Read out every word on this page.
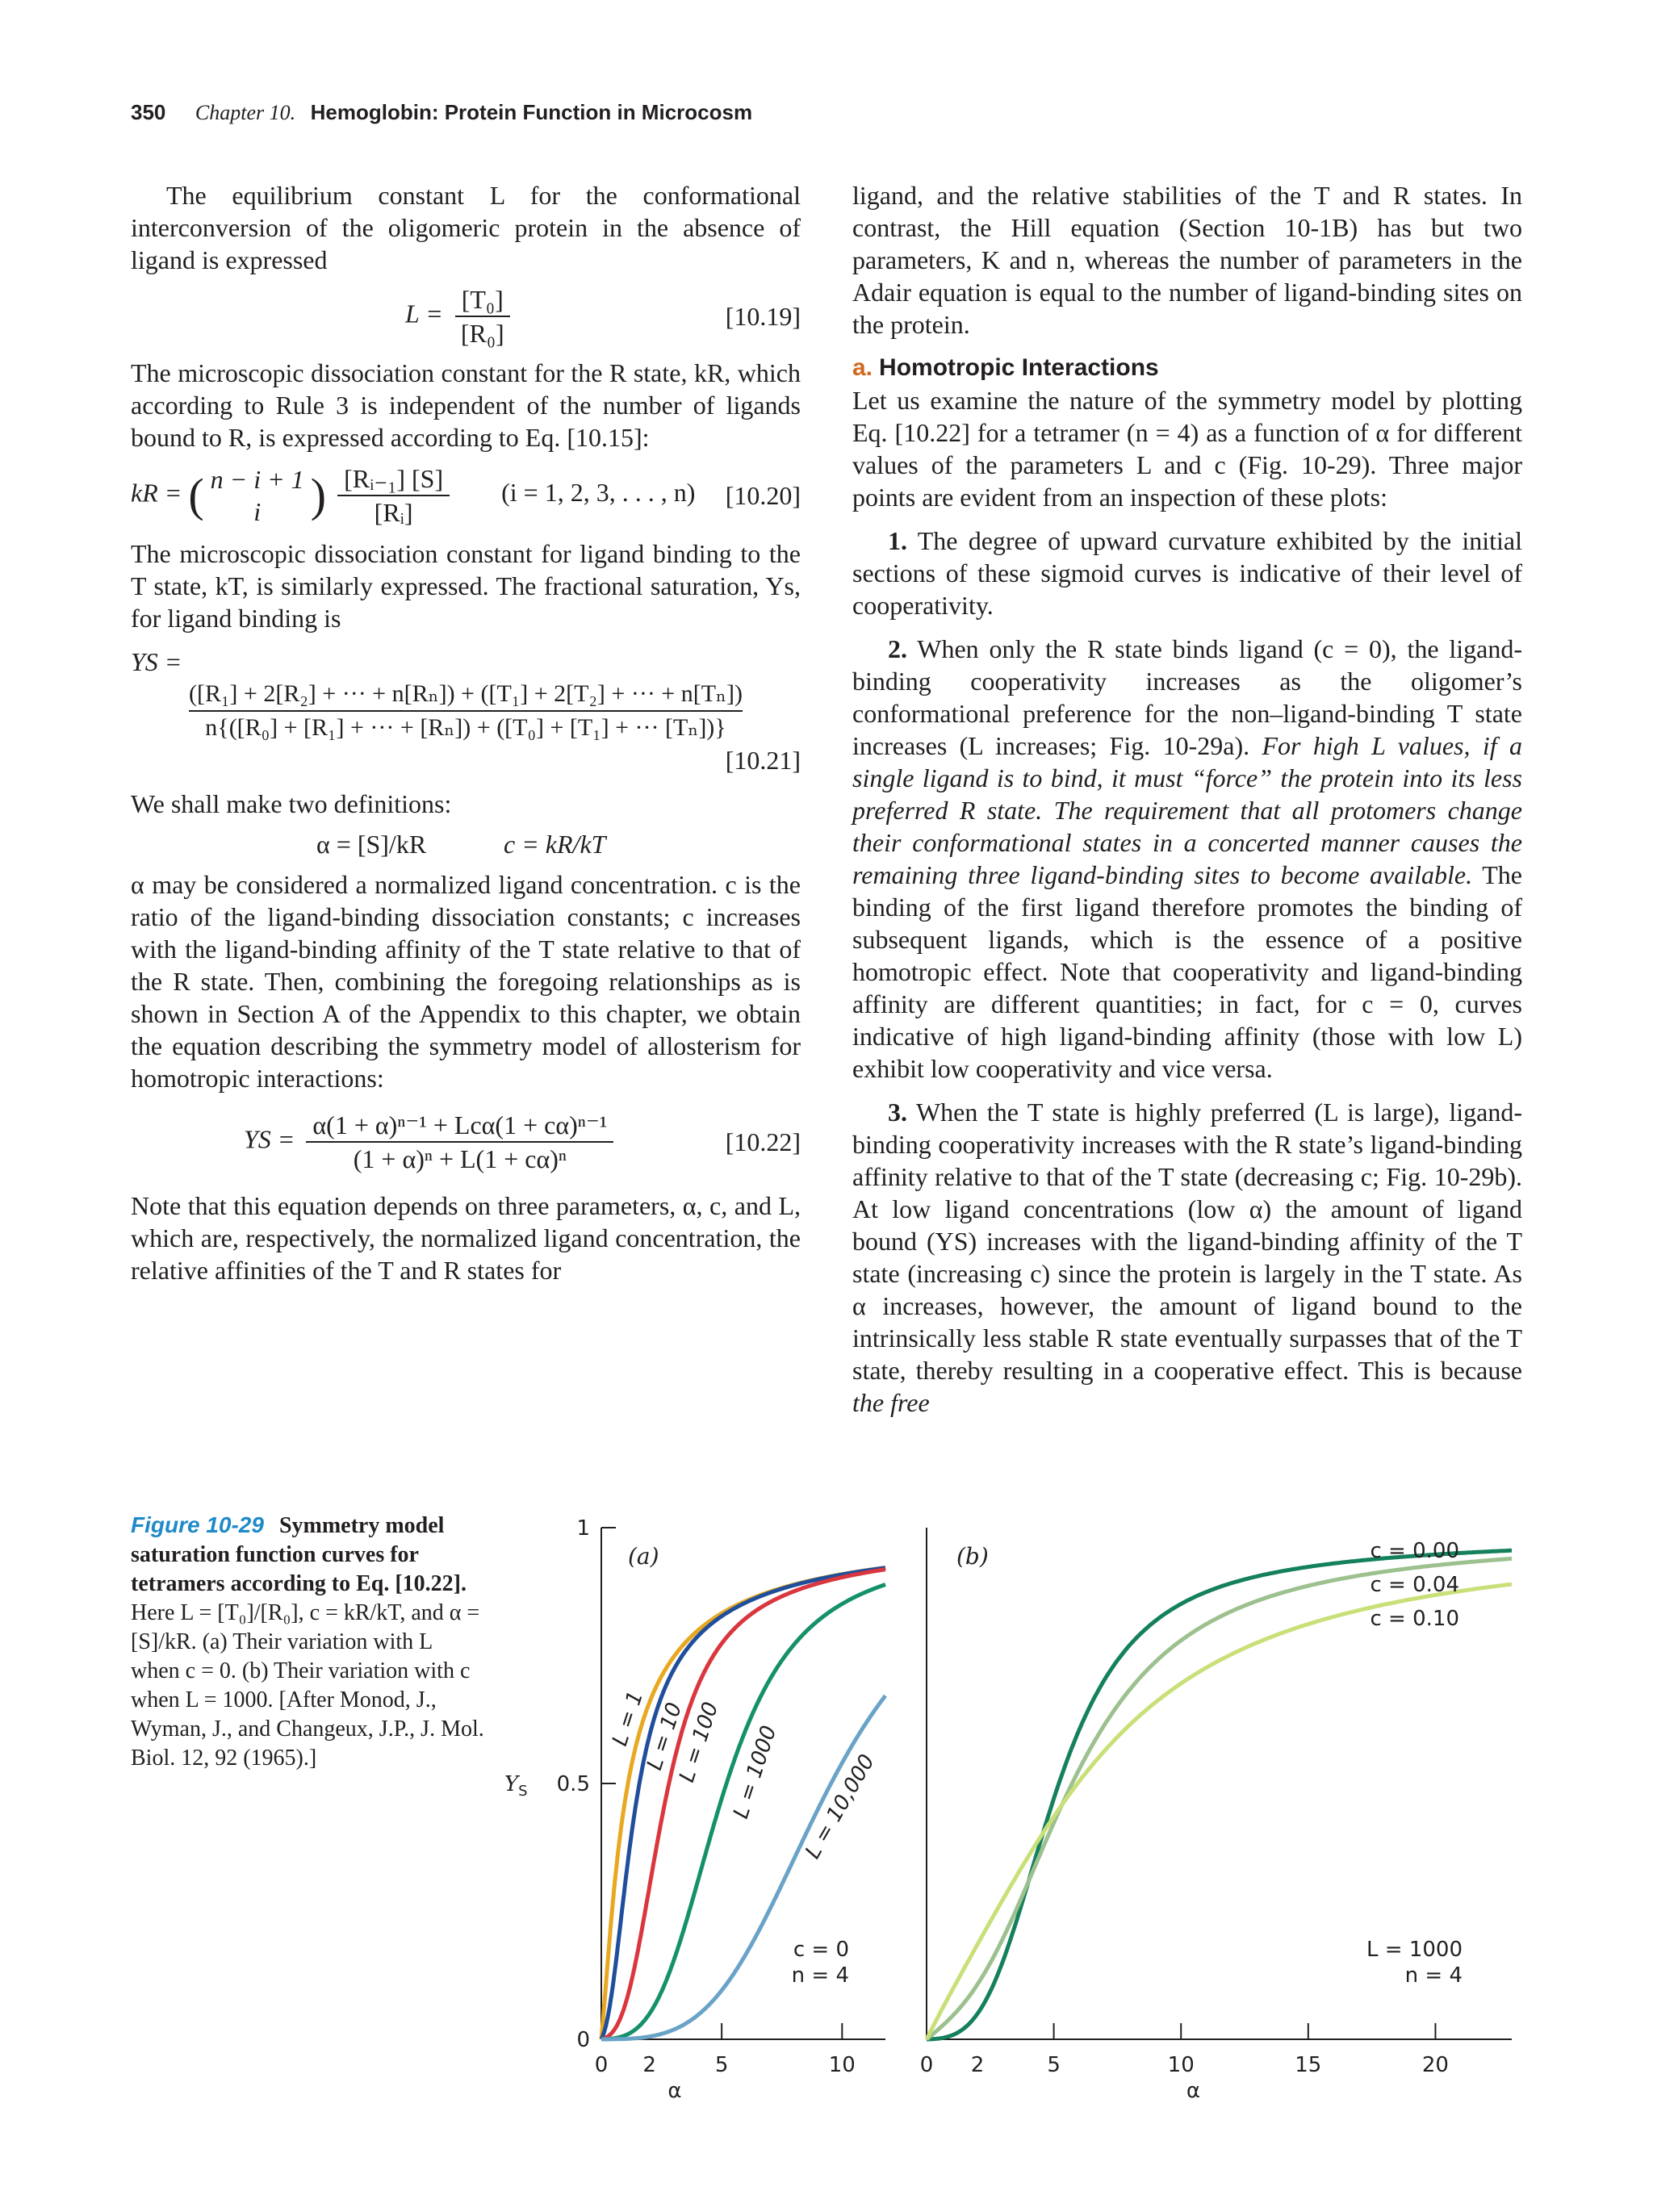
350 Chapter 10. Hemoglobin: Protein Function in Microcosm

The equilibrium constant L for the conformational interconversion of the oligomeric protein in the absence of ligand is expressed

$L = \frac{\text{[T₀]}}{\text{[R₀]}}$	[10.19]

The microscopic dissociation constant for the R state, kR, which according to Rule 3 is independent of the number of ligands bound to R, is expressed according to Eq. [10.15]:

kR = ( n − i + 1
i ) $\frac{\text{[Rᵢ₋₁] [S]}}{\text{[Rᵢ]}} (i = 1$, 2, 3, . . . , n) [10.20]

The microscopic dissociation constant for ligand binding to the T state, kT, is similarly expressed. The fractional saturation, Ys, for ligand binding is

YS =
([R₁] + 2[R₂] + ··· + n[Rₙ]) + ([T₁] + 2[T₂] + ··· + n[Tₙ])
n{([R₀] + [R₁] + ··· + [Rₙ]) + ([T₀] + [T₁] + ··· [Tₙ])}
[10.21]

We shall make two definitions:

α = [S]/kR	c = kR/kT

α may be considered a normalized ligand concentration. c is the ratio of the ligand-binding dissociation constants; c increases with the ligand-binding affinity of the T state relative to that of the R state. Then, combining the foregoing relationships as is shown in Section A of the Appendix to this chapter, we obtain the equation describing the symmetry model of allosterism for homotropic interactions:

YS = $\frac{\text{α(1 + α)ⁿ⁻¹ + Lcα(1 + cα)ⁿ⁻¹}}{\text{(1 + α)ⁿ + L(1 + cα)ⁿ}}$	[10.22]

Note that this equation depends on three parameters, α, c, and L, which are, respectively, the normalized ligand concentration, the relative affinities of the T and R states for

ligand, and the relative stabilities of the T and R states. In contrast, the Hill equation (Section 10-1B) has but two parameters, K and n, whereas the number of parameters in the Adair equation is equal to the number of ligand-binding sites on the protein.

a. Homotropic Interactions

Let us examine the nature of the symmetry model by plotting Eq. [10.22] for a tetramer (n = 4) as a function of α for different values of the parameters L and c (Fig. 10-29). Three major points are evident from an inspection of these plots:

1. The degree of upward curvature exhibited by the initial sections of these sigmoid curves is indicative of their level of cooperativity.

2. When only the R state binds ligand (c = 0), the ligand-binding cooperativity increases as the oligomer’s conformational preference for the non–ligand-binding T state increases (L increases; Fig. 10-29a). For high L values, if a single ligand is to bind, it must “force” the protein into its less preferred R state. The requirement that all protomers change their conformational states in a concerted manner causes the remaining three ligand-binding sites to become available. The binding of the first ligand therefore promotes the binding of subsequent ligands, which is the essence of a positive homotropic effect. Note that cooperativity and ligand-binding affinity are different quantities; in fact, for c = 0, curves indicative of high ligand-binding affinity (those with low L) exhibit low cooperativity and vice versa.

3. When the T state is highly preferred (L is large), ligand-binding cooperativity increases with the R state’s ligand-binding affinity relative to that of the T state (decreasing c; Fig. 10-29b). At low ligand concentrations (low α) the amount of ligand bound (YS) increases with the ligand-binding affinity of the T state (increasing c) since the protein is largely in the T state. As α increases, however, the amount of ligand bound to the intrinsically less stable R state eventually surpasses that of the T state, thereby resulting in a cooperative effect. This is because the free

Figure 10-29 Symmetry model saturation function curves for tetramers according to Eq. [10.22]. Here L = [T₀]/[R₀], c = kR/kT, and α = [S]/kR. (a) Their variation with L when c = 0. (b) Their variation with c when L = 1000. [After Monod, J., Wyman, J., and Changeux, J.P., J. Mol. Biol. 12, 92 (1965).]
0
0.5
1
$Y_S$
0 2	5	10
α
(a)
L = 1
L = 10
L = 100 L = 1000 L = 10,000
c = 0
n = 4
0 2	5	10	15	20
α
(b)	c = 0.00
c = 0.04
c = 0.10
L = 1000
n = 4
